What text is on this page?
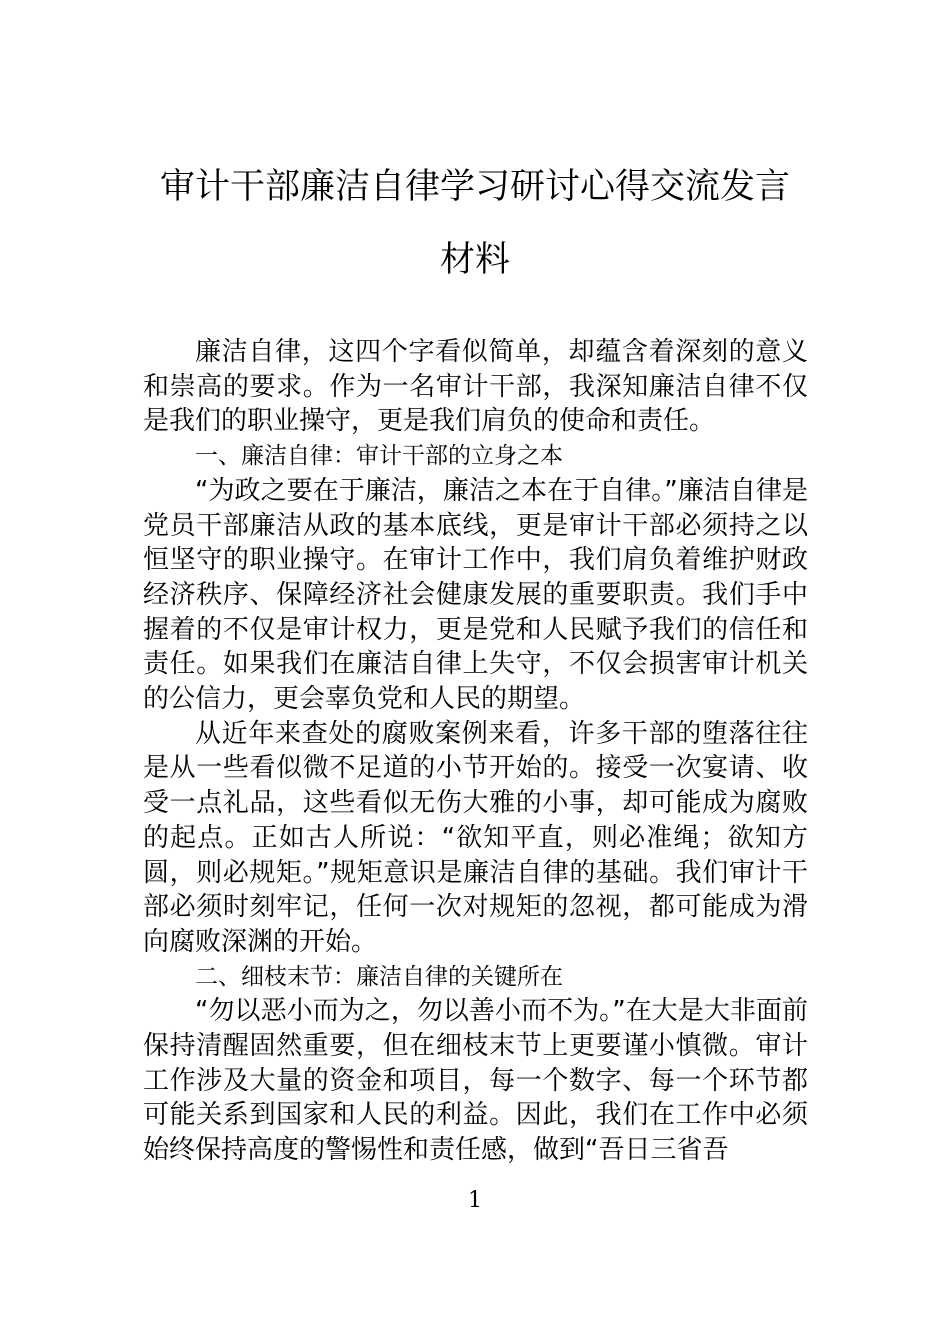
审计干部廉洁自律学习研讨心得交流发言
材料

廉洁自律，这四个字看似简单，却蕴含着深刻的意义和崇高的要求。作为一名审计干部，我深知廉洁自律不仅是我们的职业操守，更是我们肩负的使命和责任。

一、廉洁自律：审计干部的立身之本

“为政之要在于廉洁，廉洁之本在于自律。”廉洁自律是党员干部廉洁从政的基本底线，更是审计干部必须持之以恒坚守的职业操守。在审计工作中，我们肩负着维护财政经济秩序、保障经济社会健康发展的重要职责。我们手中握着的不仅是审计权力，更是党和人民赋予我们的信任和责任。如果我们在廉洁自律上失守，不仅会损害审计机关的公信力，更会辜负党和人民的期望。

从近年来查处的腐败案例来看，许多干部的堕落往往是从一些看似微不足道的小节开始的。接受一次宴请、收受一点礼品，这些看似无伤大雅的小事，却可能成为腐败的起点。正如古人所说：“欲知平直，则必准绳；欲知方圆，则必规矩。”规矩意识是廉洁自律的基础。我们审计干部必须时刻牢记，任何一次对规矩的忽视，都可能成为滑向腐败深渊的开始。

二、细枝末节：廉洁自律的关键所在

“勿以恶小而为之，勿以善小而不为。”在大是大非面前保持清醒固然重要，但在细枝末节上更要谨小慎微。审计工作涉及大量的资金和项目，每一个数字、每一个环节都可能关系到国家和人民的利益。因此，我们在工作中必须始终保持高度的警惕性和责任感，做到“吾日三省吾

1
